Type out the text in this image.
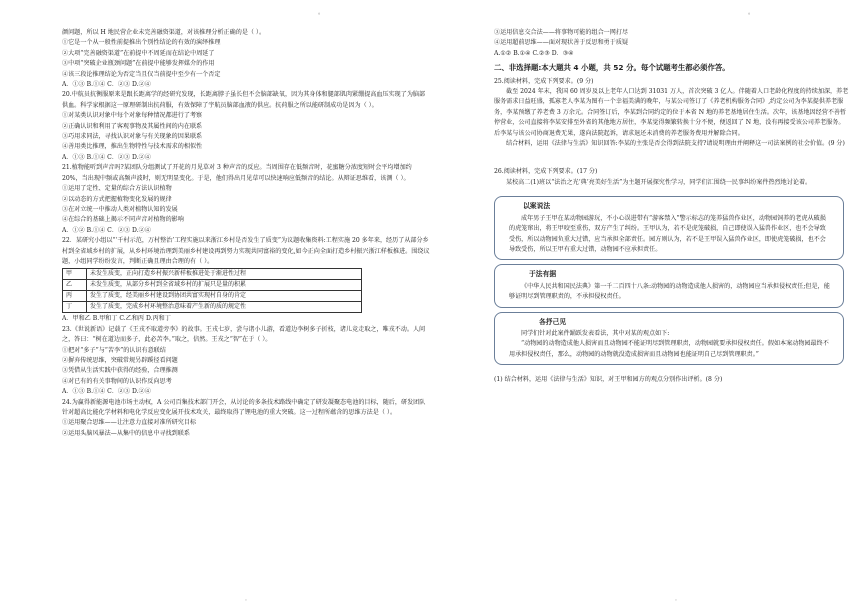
。	。
。	。
颜问题，所以 H 地民营企业未完善融资渠道，对该推理分析正确的是（ ）。
①它是一个从一般性前提推出个别性结论的有效的演绎推理
②大项“完善融资渠道”在前提中不周延而在结论中周延了
③中项“突破企业瓶颈问题”在前提中能够发挥媒介的作用
④该三段论推理结论为否定当且仅当前提中至少有一个否定
A．①③ B.①④ C．②③ D.②④
20.中航员抗衡服原来是跟长距离学的经研究发现，长距离脖子虽长但不会脑部缺氧，因为其身体和腿部肌肉紧绷提高血压实现了为脑部供血。科学家根据这一原理研制出抗荷服，有效保障了宇航员脑部血液的供应。抗荷服之所以能研制成功是因为（ ）。
①对某类认识对象中每个对象每种情况都进行了考察
②正确认识和利用了客观事物及其属性间的内在联系
③巧用求同法，寻找认识对象与有关现象的因果联系
④善用类比推理，推出生物特性与技术需求的相似性
A．①③ B.①④ C．②③ D.②④
21.植物能听到声音吗?某团队分组测试了开花的月见草对 3 种声音的反应。当周围存在低频音时，花蜜糖分浓度短时会平均增加约 20%，当出现中频或高频声波时，则无明显变化。于是，他们得出月见草可以快速响应低频音的结论。从辩证思维看，该测（ ）。
①运用了定性、定量的综合方法认识植物
②以动态的方式把握植物变化发展的规律
③在对立统一中推动人类对植物认知的发展
④在综合的基础上揭示不同声音对植物的影响
A．①② B.①④ C．②③ D.②④
22．某研究小组以“‘千村示范，万村整治’工程实施以来浙江乡村是否发生了质变”为议题收集资料:工程实施 20 多年来，经历了从部分乡村到全省域乡村的扩展，从乡村环境治理到美丽乡村建设再到努力实现共同富裕的变化,如今正向全面打造乡村振兴浙江样板推进。围绕议题，小组同学纷纷发言，判断正确且理由合理的有（ ）。
甲	未发生质变，正向打造乡村振兴新样板推进处于渐进性过程
乙	未发生质变，从部分乡村到全省域乡村的扩展只是量的积累
丙	发生了质变，经美丽乡村建设到协团共富实现村自身的肯定
丁	发生了质变，完成乡村环境整治意味着产生新的质的规定性
A．甲和乙 B.甲和丁 C.乙和丙 D.丙和丁
23.《世说新语》记载了《王戎不取道旁李》的故事。王戎七岁，尝与诸小儿游，看道边李树多子折枝，诸儿竞走取之，唯戎不动。人问之，答曰：“树在道边而多子，此必苦李。”取之，信然。王戎之“智”在于（ ）。
①把对“多子”与“苦李”的认识有意联结
②摒弃传统思维，突破常规另辟蹊径看问题
③凭借从生活实践中获得的经验，合理推测
④对已有的有关事物间的认识作反向思考
A．①③ B.①④ C．②③ D.②④
24.为赢得新能源电池市场主动权，A 公司百集技术部门开会，从讨论的多条技术路线中确定了研发凝聚态电池的目标，随后，研发团队针对超高比能化学材料和电化学反应变化展开技术攻关，最终取得了锂电池的重大突破。这一过程所蕴含的思维方法是（ ）。
①运用聚合思维——让注意力直接对准所研究目标
②运用头脑风暴法—从集中的信息中寻找到联系
③运用信息交合法——将事物可能的组合一网打尽
④运用超前思维——面对现状善于反思和勇于质疑
A.①② B.①④ C.②③ D．③④
二、非选择题:本大题共 4 小题，共 52 分。每个试题考生都必须作答。
25.阅读材料，完成下列要求。(9 分)
截至 2024 年末，我国 60 周岁及以上老年人口达到 31031 万人，首次突破 3 亿人。伴随着人口老龄化程度的持续加深，养老服务需求日益旺盛，孤寡老人李某为图有一个幸福美满的晚年，与某公司签订了《养老机构服务合同》,约定公司为李某提供养老服务，李某预缴了养老费 3 万余元。合同签订后，李某到合同约定的位于本省 N 地的养老基地居住生活。次年，该基地因经营不善暂停营业，公司直接将李某安排至外省的其他地方居住，李某觉得频繁转换十分不便，便返回了 N 地，没有再接受该公司养老服务。后李某与该公司协商退费无果，遂向法院起诉，请求退还未消费的养老服务费用并解除合同。
结合材料，运用《法律与生活》知识回答:李某的主张是否会得到法院支持?请说明理由并阐释这一司法案例的社会价值。(9 分)
26.阅读材料，完成下列要求。(17 分)
某校高二(1)班以“法治之光‘典’亮美好生活”为主题开展探究性学习，同学们汇围绕一民事纠纷案件热烈地讨论着。
以案说法
成年男子王甲在某动物园游玩，不小心误进带有“游客禁入”警示标志的笼养猛兽作业区，动物园饲养的老虎从破损的虎笼窜出，将王甲咬至重伤，双方产生了纠纷。王甲认为，若不是虎笼破损，自己即使误入猛兽作业区，也不会导致受伤，所以动物园负重大过错，应当承担全部责任。园方则认为，若不是王甲误入猛兽作业区，即使虎笼破损，也不会导致受伤，所以王甲有重大过错，动物园不应承担责任。
于法有据
《中华人民共和国民法典》第一千二百四十八条:动物园的动物造成他人损害的，动物园应当承担侵权责任;但是，能够证明尽到管理职责的，不承担侵权责任。
各抒己见
同学们针对此案件踊跃发表看法，其中对某的观点如下:
“动物园的动物造成他人损害而且动物园不能证明尽到管理职责，动物园就要承担侵权责任。假如本案动物园最终不用承担侵权责任，那么，动物园的动物就没造成损害而且动物园也能证明自己尽到管理职责。”
(1) 结合材料，运用《法律与生活》知识，对王甲和园方的观点分别作出评析。(8 分)
